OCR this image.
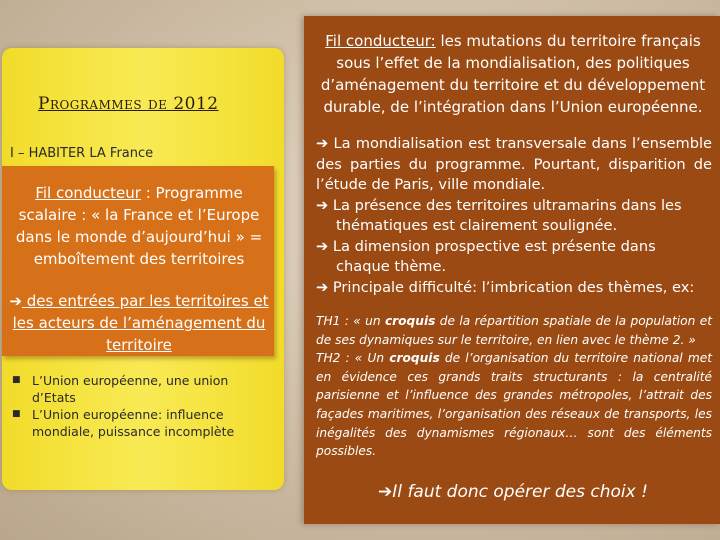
Programmes de 2012
I – HABITER LA France
Fil conducteur : Programme scalaire : « la France et l’Europe dans le monde d’aujourd’hui » = emboîtement des territoires
➔ des entrées par les territoires et les acteurs de l’aménagement du territoire
■ L’Union européenne, une union d’Etats
■ L’Union européenne: influence mondiale, puissance incomplète
Fil conducteur: les mutations du territoire français sous l’effet de la mondialisation, des politiques d’aménagement du territoire et du développement durable, de l’intégration dans l’Union européenne.

➔ La mondialisation est transversale dans l’ensemble des parties du programme. Pourtant, disparition de l’étude de Paris, ville mondiale.

➔ La présence des territoires ultramarins dans les
thématiques est clairement soulignée.

➔ La dimension prospective est présente dans
chaque thème.

➔ Principale difficulté: l’imbrication des thèmes, ex:

TH1 : « un croquis de la répartition spatiale de la population et de ses dynamiques sur le territoire, en lien avec le thème 2. »

TH2 : « Un croquis de l’organisation du territoire national met en évidence ces grands traits structurants : la centralité parisienne et l’influence des grandes métropoles, l’attrait des façades maritimes, l’organisation des réseaux de transports, les inégalités des dynamismes régionaux… sont des éléments possibles.

➔Il faut donc opérer des choix !
